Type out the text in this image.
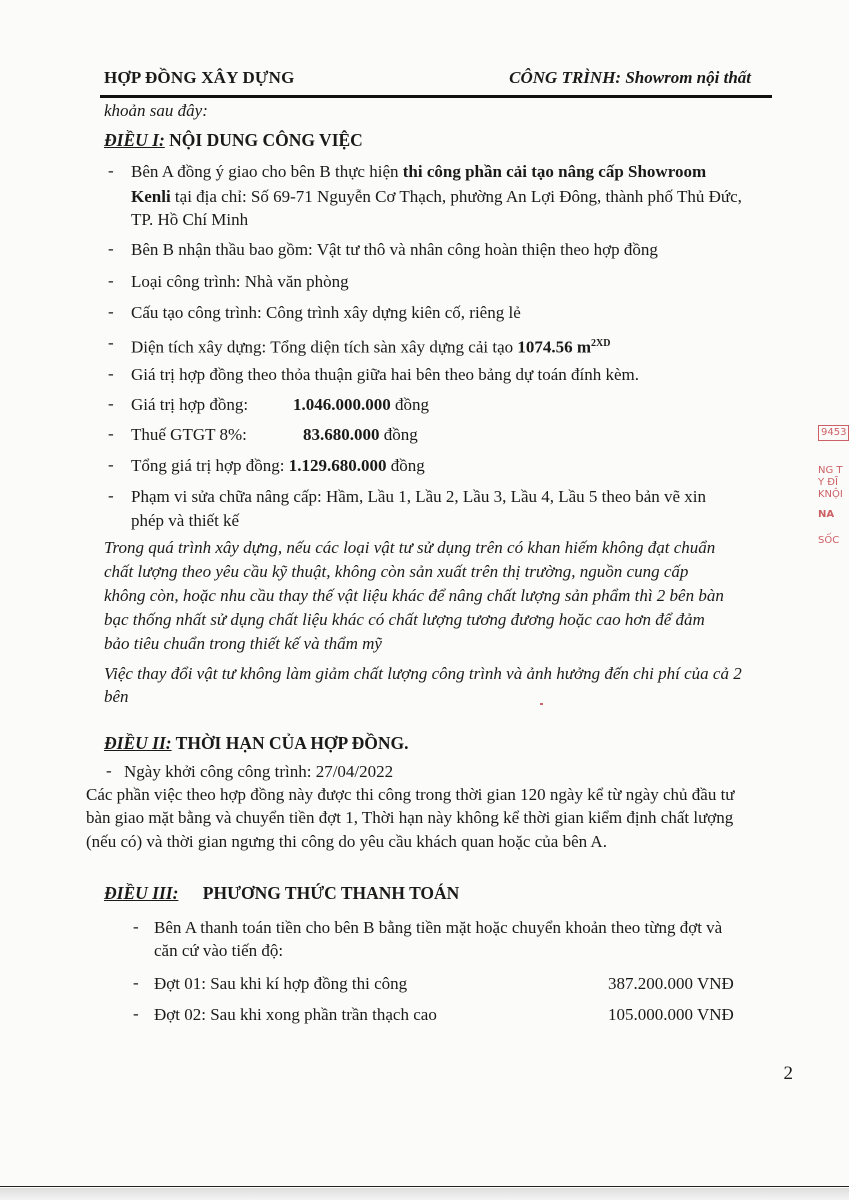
HỢP ĐỒNG XÂY DỰNG	CÔNG TRÌNH: Showrom nội thất
khoản sau đây:
ĐIỀU I: NỘI DUNG CÔNG VIỆC
- Bên A đồng ý giao cho bên B thực hiện thi công phần cải tạo nâng cấp Showroom
Kenli tại địa chỉ: Số 69-71 Nguyễn Cơ Thạch, phường An Lợi Đông, thành phố Thủ Đức,
TP. Hồ Chí Minh
- Bên B nhận thầu bao gồm: Vật tư thô và nhân công hoàn thiện theo hợp đồng
- Loại công trình: Nhà văn phòng
- Cấu tạo công trình: Công trình xây dựng kiên cố, riêng lẻ
- Diện tích xây dựng: Tổng diện tích sàn xây dựng cải tạo 1074.56 $m^{2XD}$
- Giá trị hợp đồng theo thỏa thuận giữa hai bên theo bảng dự toán đính kèm.
- Giá trị hợp đồng:	1.046.000.000 đồng
- Thuế GTGT 8%:	83.680.000 đồng
- Tổng giá trị hợp đồng: 1.129.680.000 đồng
- Phạm vi sửa chữa nâng cấp: Hầm, Lầu 1, Lầu 2, Lầu 3, Lầu 4, Lầu 5 theo bản vẽ xin
phép và thiết kế
Trong quá trình xây dựng, nếu các loại vật tư sử dụng trên có khan hiếm không đạt chuẩn
chất lượng theo yêu cầu kỹ thuật, không còn sản xuất trên thị trường, nguồn cung cấp
không còn, hoặc nhu cầu thay thế vật liệu khác để nâng chất lượng sản phẩm thì 2 bên bàn
bạc thống nhất sử dụng chất liệu khác có chất lượng tương đương hoặc cao hơn để đảm
bảo tiêu chuẩn trong thiết kế và thẩm mỹ
Việc thay đổi vật tư không làm giảm chất lượng công trình và ảnh hưởng đến chi phí của cả 2
bên
ĐIỀU II: THỜI HẠN CỦA HỢP ĐỒNG.
- Ngày khởi công công trình: 27/04/2022
Các phần việc theo hợp đồng này được thi công trong thời gian 120 ngày kể từ ngày chủ đầu tư
bàn giao mặt bằng và chuyển tiền đợt 1, Thời hạn này không kể thời gian kiểm định chất lượng
(nếu có) và thời gian ngưng thi công do yêu cầu khách quan hoặc của bên A.
ĐIỀU III: PHƯƠNG THỨC THANH TOÁN
- Bên A thanh toán tiền cho bên B bằng tiền mặt hoặc chuyển khoản theo từng đợt và
căn cứ vào tiến độ:
- Đợt 01: Sau khi kí hợp đồng thi công	387.200.000 VNĐ
- Đợt 02: Sau khi xong phần trần thạch cao	105.000.000 VNĐ
2
9453
NG T
Y ĐĨ
KNỘI
NA
SỐC
